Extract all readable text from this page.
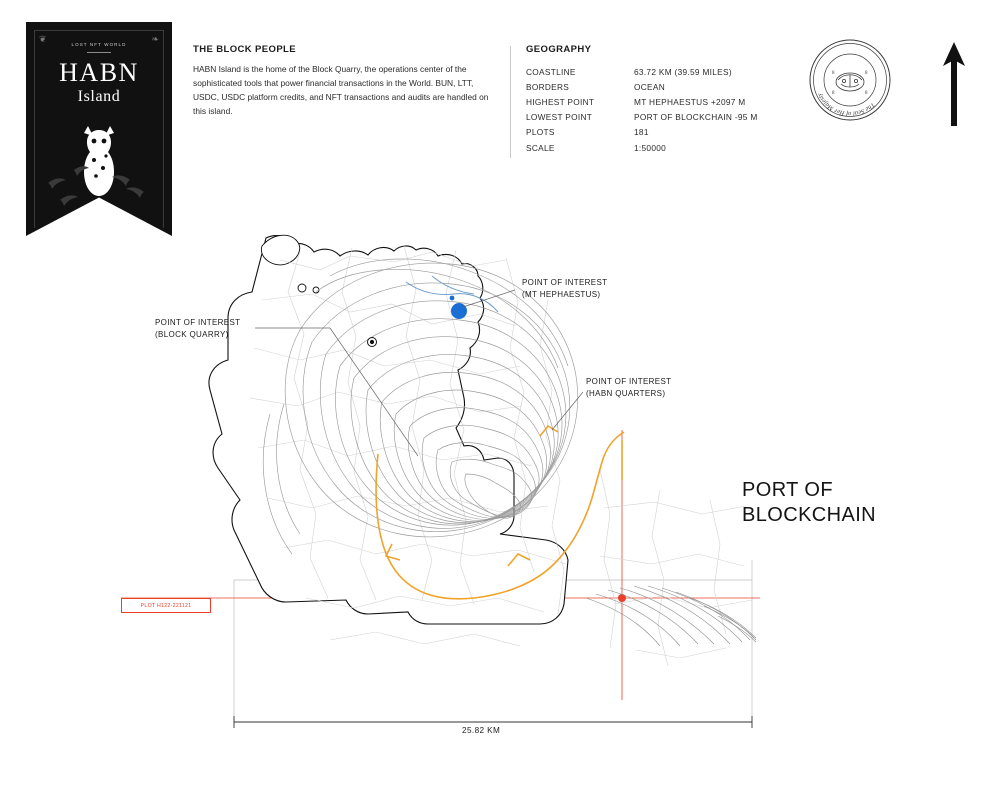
❦	❧
LOST NFT WORLD
HABN
Island
THE BLOCK PEOPLE
HABN Island is the home of the Block Quarry, the operations center of the sophisticated tools that power financial transactions in the World. BUN, LTT, USDC, USDC platform credits, and NFT transactions and audits are handled on this island.
GEOGRAPHY
COASTLINE	63.72 KM (39.59 MILES)
BORDERS	OCEAN
HIGHEST POINT	MT HEPHAESTUS +2097 M
LOWEST POINT	PORT OF BLOCKCHAIN -95 M
PLOTS	181
SCALE	1:50000
The Seal of Her Majesty
8	8
8	8
POINT OF INTEREST
(MT HEPHAESTUS)
POINT OF INTEREST
(BLOCK QUARRY)
POINT OF INTEREST
(HABN QUARTERS)
PORT OF
BLOCKCHAIN
PLOT H122-221121
25.82 KM
